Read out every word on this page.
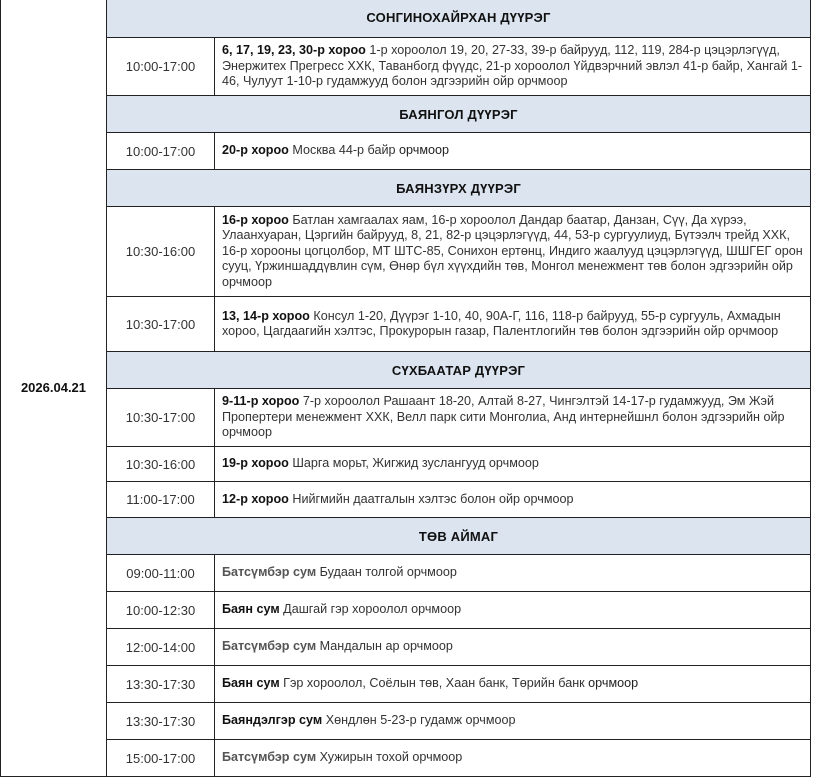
2026.04.21	СОНГИНОХАЙРХАН ДҮҮРЭГ	
	10:00-17:00	6, 17, 19, 23, 30-р хороо 1-р хороолол 19, 20, 27-33, 39-р байрууд, 112, 119, 284-р цэцэрлэгүүд, Энержитех Прегресс ХХК, Таванбогд фүүдс, 21-р хороолол Үйдвэрчний эвлэл 41-р байр, Хангай 1-46, Чулуут 1-10-р гудамжууд болон эдгээрийн ойр орчмоор
	БАЯНГОЛ ДҮҮРЭГ	
	10:00-17:00	20-р хороо Москва 44-р байр орчмоор
	БАЯНЗҮРХ ДҮҮРЭГ	
	10:30-16:00	16-р хороо Батлан хамгаалах яам, 16-р хороолол Дандар баатар, Данзан, Сүү, Да хүрээ, Улаанхуаран, Цэргийн байрууд, 8, 21, 82-р цэцэрлэгүүд, 44, 53-р сургуулиуд, Бүтээлч трейд ХХК, 16-р хорооны цогцолбор, МТ ШТС-85, Сонихон ертөнц, Индиго жаалууд цэцэрлэгүүд, ШШГЕГ орон сууц, Үржиншаддүвлин сүм, Өнөр бүл хүүхдийн төв, Монгол менежмент төв болон эдгээрийн ойр орчмоор
	10:30-17:00	13, 14-р хороо Консул 1-20, Дүүрэг 1-10, 40, 90А-Г, 116, 118-р байрууд, 55-р сургууль, Ахмадын хороо, Цагдаагийн хэлтэс, Прокурорын газар, Палентлогийн төв болон эдгээрийн ойр орчмоор
	СҮХБААТАР ДҮҮРЭГ	
	10:30-17:00	9-11-р хороо 7-р хороолол Рашаант 18-20, Алтай 8-27, Чингэлтэй 14-17-р гудамжууд, Эм Жэй Пропертери менежмент ХХК, Велл парк сити Монголиа, Анд интернейшнл болон эдгээрийн ойр орчмоор
	10:30-16:00	19-р хороо Шарга морьт, Жигжид зуслангууд орчмоор
	11:00-17:00	12-р хороо Нийгмийн даатгалын хэлтэс болон ойр орчмоор
	ТӨВ АЙМАГ	
	09:00-11:00	Батсүмбэр сум Будаан толгой орчмоор
	10:00-12:30	Баян сум Дашгай гэр хороолол орчмоор
	12:00-14:00	Батсүмбэр сум Мандалын ар орчмоор
	13:30-17:30	Баян сум Гэр хороолол, Соёлын төв, Хаан банк, Төрийн банк орчмоор
	13:30-17:30	Баяндэлгэр сум Хөндлөн 5-23-р гудамж орчмоор
	15:00-17:00	Батсүмбэр сум Хужирын тохой орчмоор
